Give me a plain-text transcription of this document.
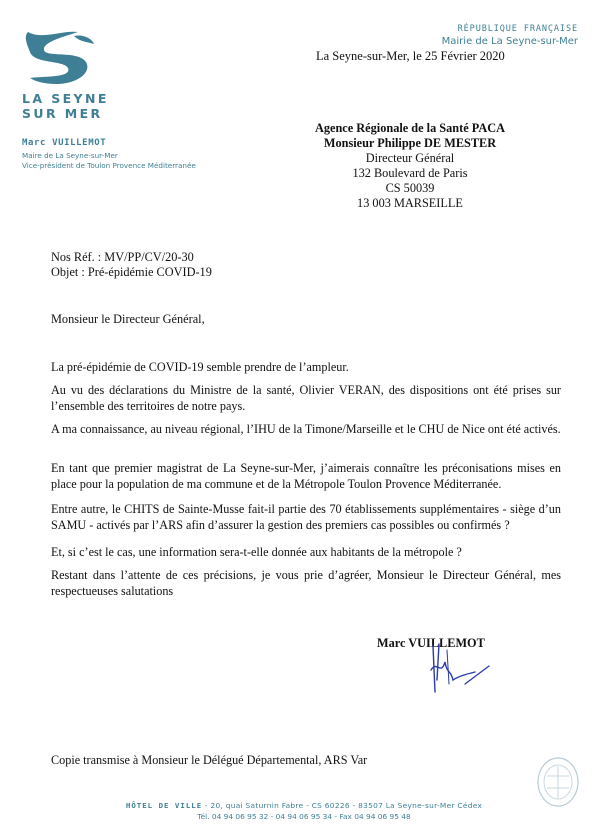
LA SEYNE
SUR MER
Marc VUILLEMOT
Maire de La Seyne-sur-Mer
Vice-président de Toulon Provence Méditerranée
RÉPUBLIQUE FRANÇAISE
Mairie de La Seyne-sur-Mer
La Seyne-sur-Mer, le 25 Février 2020
Agence Régionale de la Santé PACA
Monsieur Philippe DE MESTER
Directeur Général
132 Boulevard de Paris
CS 50039
13 003 MARSEILLE
Nos Réf. : MV/PP/CV/20-30
Objet : Pré-épidémie COVID-19
Monsieur le Directeur Général,
La pré-épidémie de COVID-19 semble prendre de l’ampleur.
Au vu des déclarations du Ministre de la santé, Olivier VERAN, des dispositions ont été prises sur l’ensemble des territoires de notre pays.
A ma connaissance, au niveau régional, l’IHU de la Timone/Marseille et le CHU de Nice ont été activés.
En tant que premier magistrat de La Seyne-sur-Mer, j’aimerais connaître les préconisations mises en place pour la population de ma commune et de la Métropole Toulon Provence Méditerranée.
Entre autre, le CHITS de Sainte-Musse fait-il partie des 70 établissements supplémentaires - siège d’un SAMU - activés par l’ARS afin d’assurer la gestion des premiers cas possibles ou confirmés ?
Et, si c’est le cas, une information sera-t-elle donnée aux habitants de la métropole ?
Restant dans l’attente de ces précisions, je vous prie d’agréer, Monsieur le Directeur Général, mes respectueuses salutations
Marc VUILLEMOT
Copie transmise à Monsieur le Délégué Départemental, ARS Var
HÔTEL DE VILLE - 20, quai Saturnin Fabre - CS 60226 - 83507 La Seyne-sur-Mer Cédex
Tél. 04 94 06 95 32 - 04 94 06 95 34 - Fax 04 94 06 95 48
